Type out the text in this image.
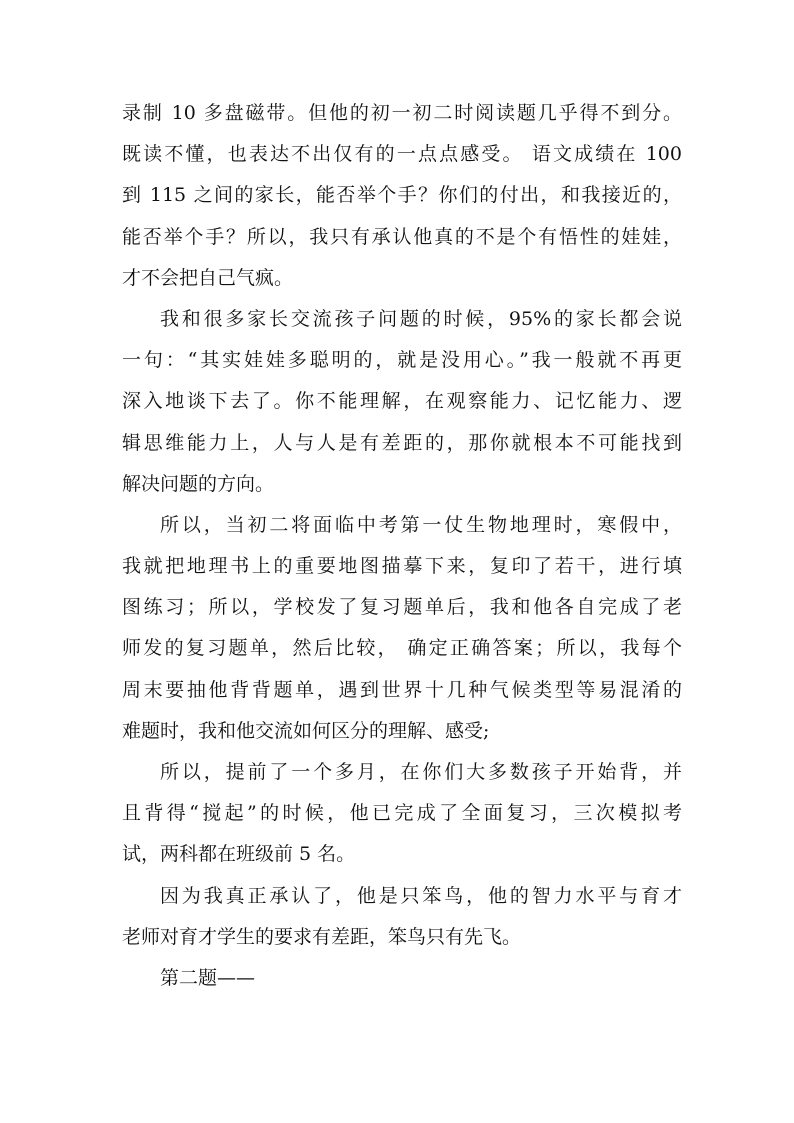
录制 10 多盘磁带。但他的初一初二时阅读题几乎得不到分。
既读不懂，也表达不出仅有的一点点感受。 语文成绩在 100
到 115 之间的家长，能否举个手？你们的付出，和我接近的，
能否举个手？所以，我只有承认他真的不是个有悟性的娃娃，
才不会把自己气疯。
我和很多家长交流孩子问题的时候，95%的家长都会说
一句：“其实娃娃多聪明的，就是没用心。”我一般就不再更
深入地谈下去了。你不能理解，在观察能力、记忆能力、逻
辑思维能力上，人与人是有差距的，那你就根本不可能找到
解决问题的方向。
所以，当初二将面临中考第一仗生物地理时，寒假中，
我就把地理书上的重要地图描摹下来，复印了若干，进行填
图练习；所以，学校发了复习题单后，我和他各自完成了老
师发的复习题单，然后比较， 确定正确答案；所以，我每个
周末要抽他背背题单，遇到世界十几种气候类型等易混淆的
难题时，我和他交流如何区分的理解、感受;
所以，提前了一个多月，在你们大多数孩子开始背，并
且背得“搅起”的时候，他已完成了全面复习，三次模拟考
试，两科都在班级前 5 名。
因为我真正承认了，他是只笨鸟，他的智力水平与育才
老师对育才学生的要求有差距，笨鸟只有先飞。
第二题——
